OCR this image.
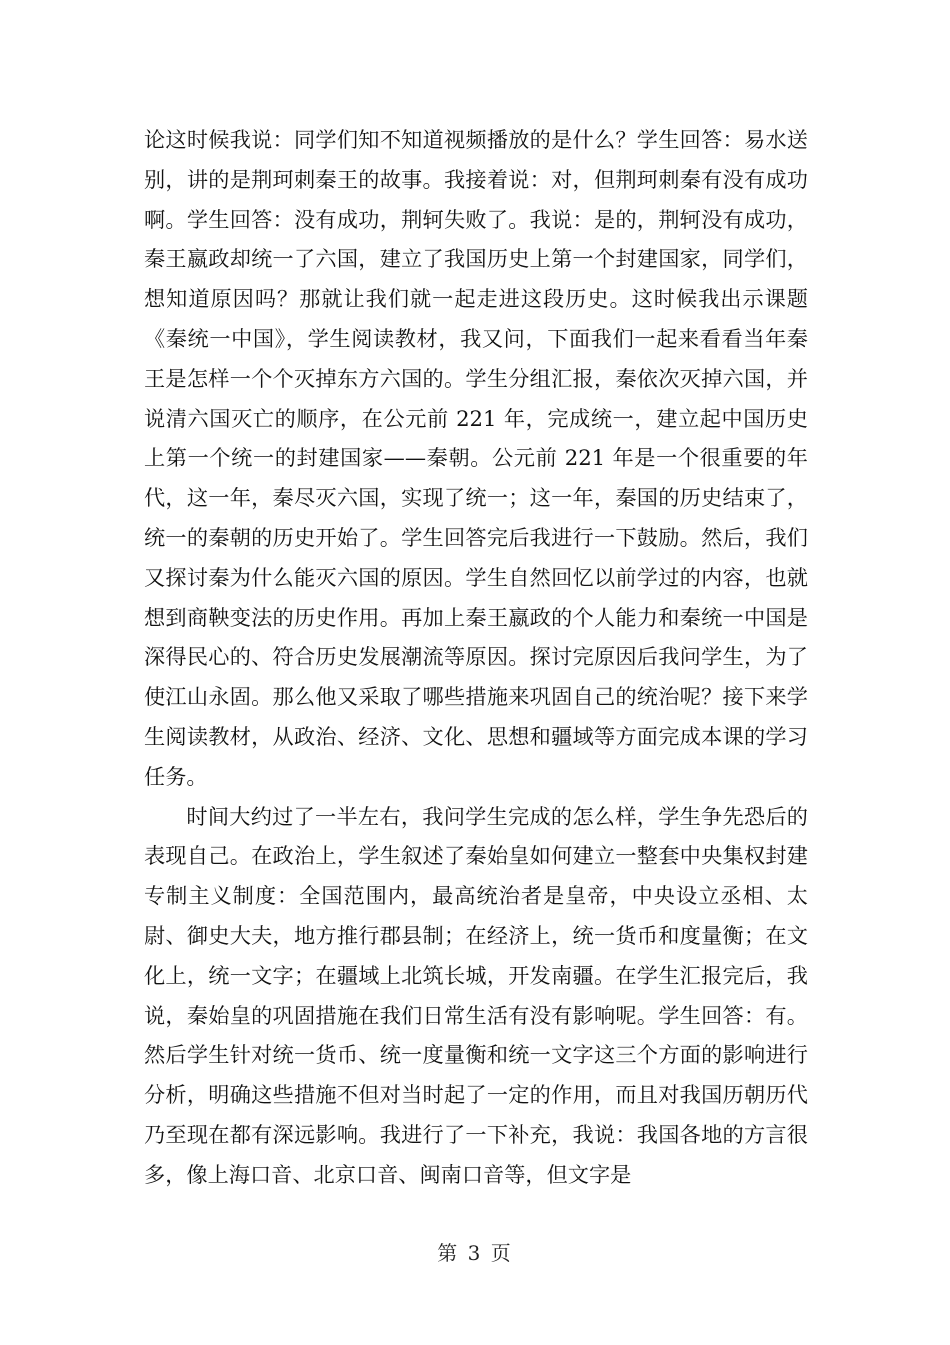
论这时候我说：同学们知不知道视频播放的是什么？学生回答：易水送别，讲的是荆珂刺秦王的故事。我接着说：对，但荆珂刺秦有没有成功啊。学生回答：没有成功，荆轲失败了。我说：是的，荆轲没有成功，秦王嬴政却统一了六国，建立了我国历史上第一个封建国家，同学们，想知道原因吗？那就让我们就一起走进这段历史。这时候我出示课题《秦统一中国》，学生阅读教材，我又问，下面我们一起来看看当年秦王是怎样一个个灭掉东方六国的。学生分组汇报，秦依次灭掉六国，并说清六国灭亡的顺序，在公元前 221 年，完成统一，建立起中国历史上第一个统一的封建国家——秦朝。公元前 221 年是一个很重要的年代，这一年，秦尽灭六国，实现了统一；这一年，秦国的历史结束了，统一的秦朝的历史开始了。学生回答完后我进行一下鼓励。然后，我们又探讨秦为什么能灭六国的原因。学生自然回忆以前学过的内容，也就想到商鞅变法的历史作用。再加上秦王嬴政的个人能力和秦统一中国是深得民心的、符合历史发展潮流等原因。探讨完原因后我问学生，为了使江山永固。那么他又采取了哪些措施来巩固自己的统治呢？接下来学生阅读教材，从政治、经济、文化、思想和疆域等方面完成本课的学习任务。

时间大约过了一半左右，我问学生完成的怎么样，学生争先恐后的表现自己。在政治上，学生叙述了秦始皇如何建立一整套中央集权封建专制主义制度：全国范围内，最高统治者是皇帝，中央设立丞相、太尉、御史大夫，地方推行郡县制；在经济上，统一货币和度量衡；在文化上，统一文字；在疆域上北筑长城，开发南疆。在学生汇报完后，我说，秦始皇的巩固措施在我们日常生活有没有影响呢。学生回答：有。然后学生针对统一货币、统一度量衡和统一文字这三个方面的影响进行分析，明确这些措施不但对当时起了一定的作用，而且对我国历朝历代乃至现在都有深远影响。我进行了一下补充，我说：我国各地的方言很多，像上海口音、北京口音、闽南口音等，但文字是

第 3 页
